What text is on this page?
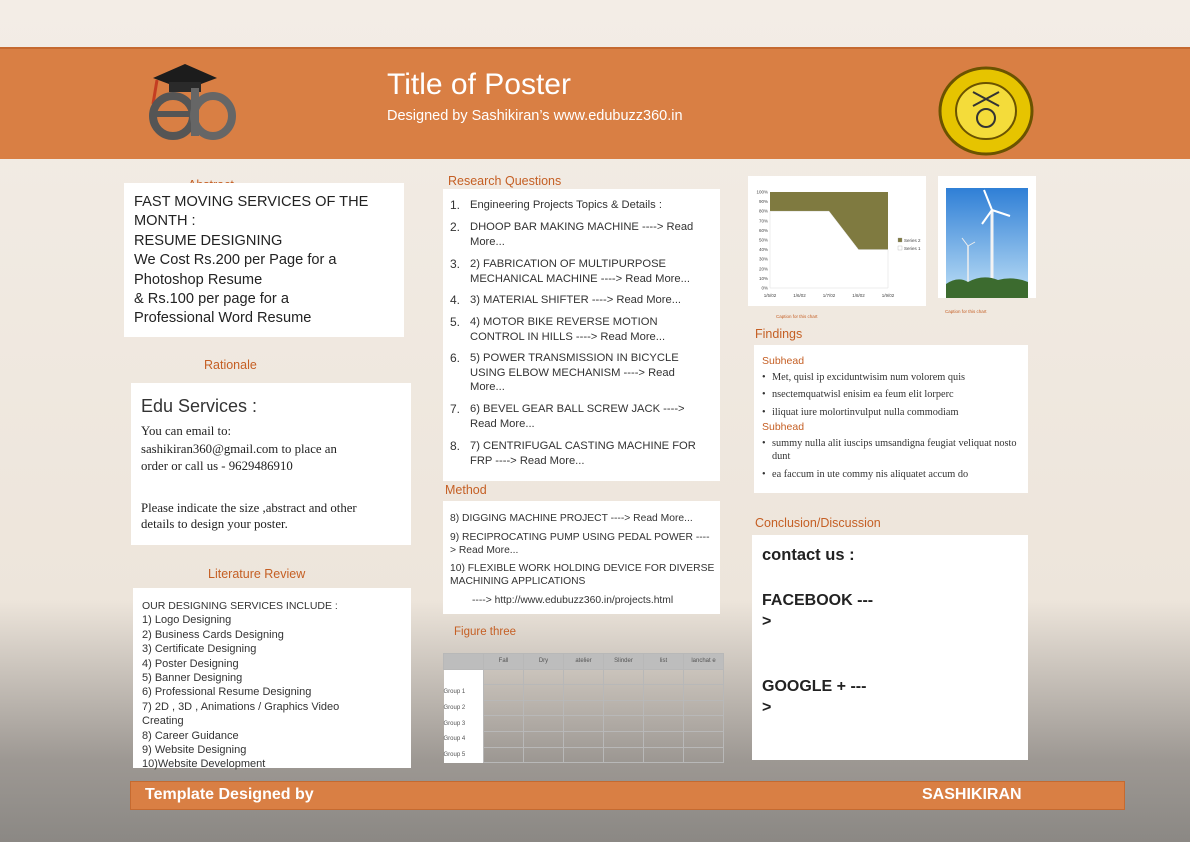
Title of Poster
Designed by Sashikiran’s www.edubuzz360.in
FAST MOVING SERVICES OF THE
MONTH :
RESUME DESIGNING
We Cost Rs.200 per Page for a
Photoshop Resume
& Rs.100 per page for a
Professional Word Resume
Rationale
Edu Services :
You can email to:
sashikiran360@gmail.com to place an
order or call us - 9629486910
Please indicate the size ,abstract and other
details to design your poster.
Literature Review
OUR DESIGNING SERVICES INCLUDE :
1) Logo Designing
2) Business Cards Designing
3) Certificate Designing
4) Poster Designing
5) Banner Designing
6) Professional Resume Designing
7) 2D , 3D , Animations / Graphics Video
Creating
8) Career Guidance
9) Website Designing
10)Website Development
Research Questions
1. Engineering Projects Topics & Details :
2. DHOOP BAR MAKING MACHINE ----> Read More...
3. 2) FABRICATION OF MULTIPURPOSE MECHANICAL MACHINE ----> Read More...
4. 3) MATERIAL SHIFTER ----> Read More...
5. 4) MOTOR BIKE REVERSE MOTION CONTROL IN HILLS ----> Read More...
6. 5) POWER TRANSMISSION IN BICYCLE USING ELBOW MECHANISM ----> Read More...
7. 6) BEVEL GEAR BALL SCREW JACK ----> Read More...
8. 7) CENTRIFUGAL CASTING MACHINE FOR FRP ----> Read More...
Method
8) DIGGING MACHINE PROJECT ----> Read More...
9) RECIPROCATING PUMP USING PEDAL POWER ----> Read More...
10) FLEXIBLE WORK HOLDING DEVICE FOR DIVERSE MACHINING APPLICATIONS
----> http://www.edubuzz360.in/projects.html
Figure three
	Fall	Dry	atelier	Slinder	list	lanchat e

Group 1						
Group 2						
Group 3						
Group 4						
Group 5						
100%
90%
80%
70%
60%
50%
40%
30%
20%
10%
0%
1/5/02	1/6/02	1/7/02	1/8/02	1/9/02
Series 2
Series 1
Caption for this chart
Caption for this chart
Findings
Subhead
• Met, quisl ip exciduntwisim num volorem quis
• nsectemquatwisl enisim ea feum elit lorperc
• iliquat iure molortinvulput nulla commodiam
Subhead
• summy nulla alit iuscips umsandigna feugiat veliquat nosto dunt
• ea faccum in ute commy nis aliquatet accum do
Conclusion/Discussion
contact us :
FACEBOOK ---
> http://www.facebook.com/sashikiranss
GOOGLE + ---
> https://plus.google.com/u/0/+sashikiransss/about
Template Designed by	SASHIKIRAN
